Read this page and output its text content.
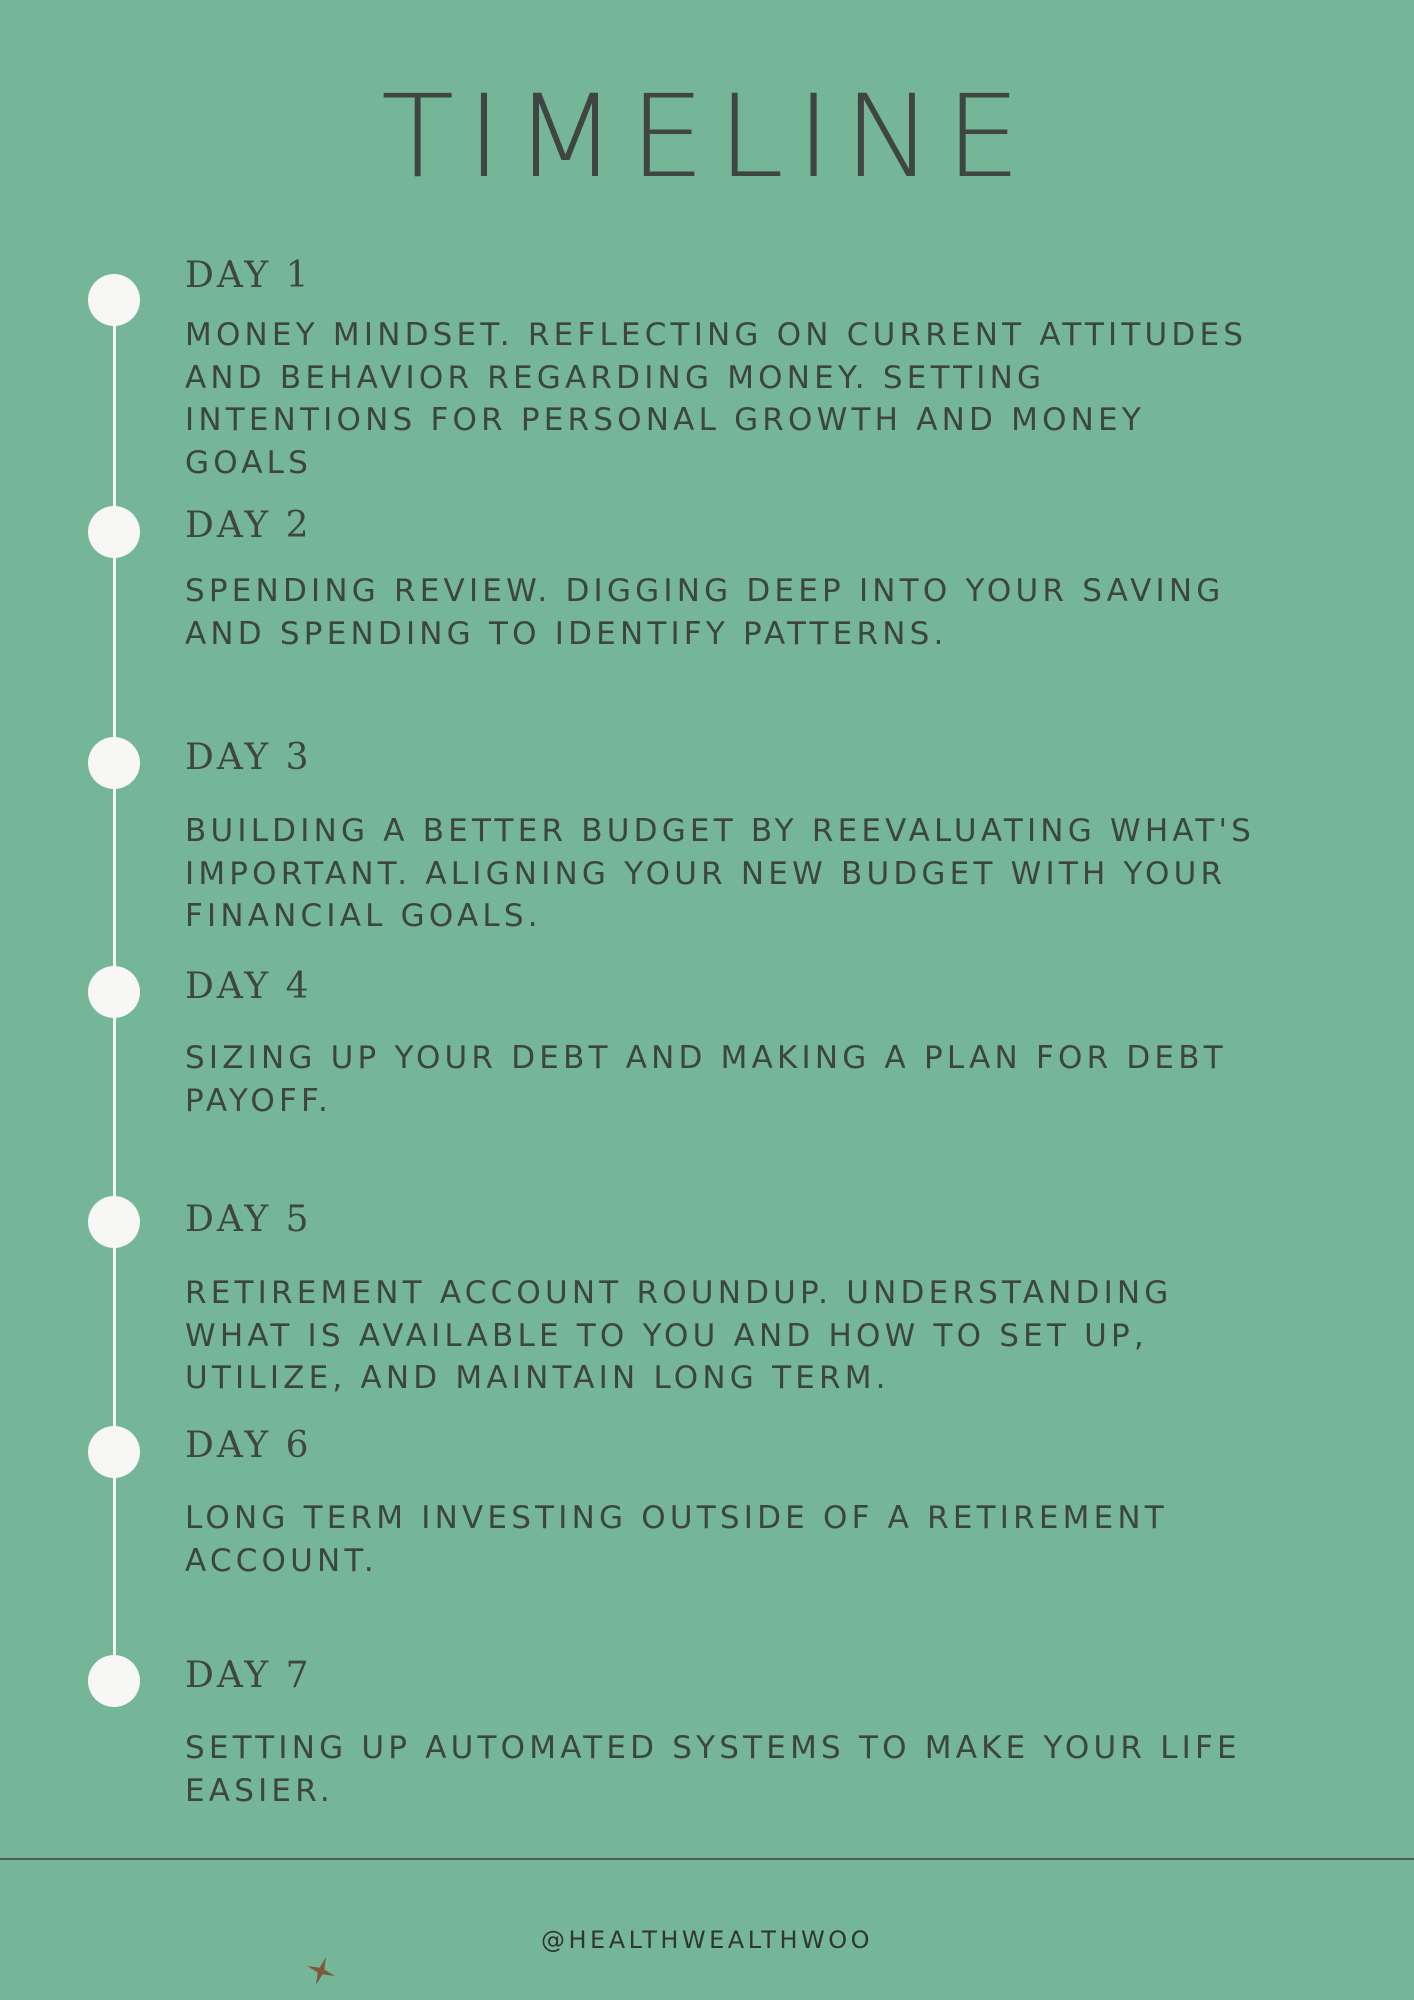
TIMELINE
DAY 1
MONEY MINDSET. REFLECTING ON CURRENT ATTITUDES AND BEHAVIOR REGARDING MONEY. SETTING INTENTIONS FOR PERSONAL GROWTH AND MONEY GOALS
DAY 2
SPENDING REVIEW. DIGGING DEEP INTO YOUR SAVING AND SPENDING TO IDENTIFY PATTERNS.
DAY 3
BUILDING A BETTER BUDGET BY REEVALUATING WHAT'S IMPORTANT. ALIGNING YOUR NEW BUDGET WITH YOUR FINANCIAL GOALS.
DAY 4
SIZING UP YOUR DEBT AND MAKING A PLAN FOR DEBT PAYOFF.
DAY 5
RETIREMENT ACCOUNT ROUNDUP. UNDERSTANDING WHAT IS AVAILABLE TO YOU AND HOW TO SET UP, UTILIZE, AND MAINTAIN LONG TERM.
DAY 6
LONG TERM INVESTING OUTSIDE OF A RETIREMENT ACCOUNT.
DAY 7
SETTING UP AUTOMATED SYSTEMS TO MAKE YOUR LIFE EASIER.
@HEALTHWEALTHWOO
